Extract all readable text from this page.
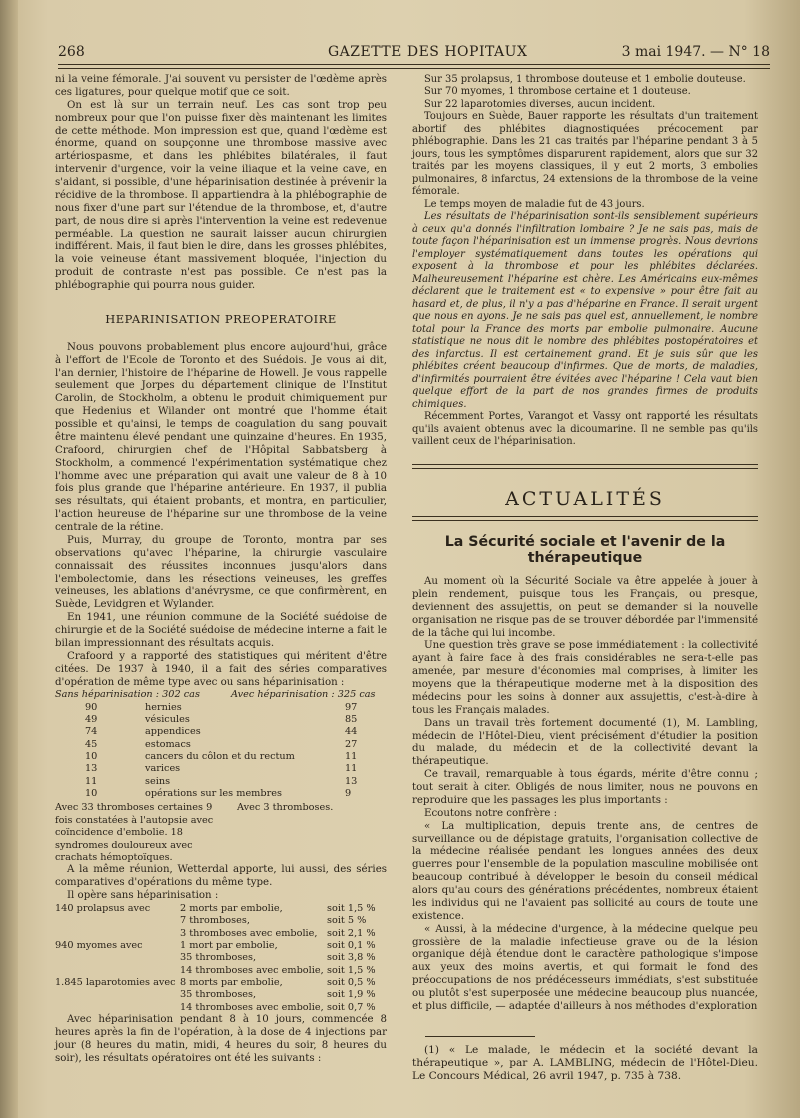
268	GAZETTE DES HOPITAUX	3 mai 1947. — N° 18

ni la veine fémorale. J'ai souvent vu persister de l'œdème après ces ligatures, pour quelque motif que ce soit.

On est là sur un terrain neuf. Les cas sont trop peu nombreux pour que l'on puisse fixer dès maintenant les limites de cette méthode. Mon impression est que, quand l'œdème est énorme, quand on soupçonne une thrombose massive avec artériospasme, et dans les phlébites bilatérales, il faut intervenir d'urgence, voir la veine iliaque et la veine cave, en s'aidant, si possible, d'une héparinisation destinée à prévenir la récidive de la thrombose. Il appartiendra à la phlébographie de nous fixer d'une part sur l'étendue de la thrombose, et, d'autre part, de nous dire si après l'intervention la veine est redevenue perméable. La question ne saurait laisser aucun chirurgien indifférent. Mais, il faut bien le dire, dans les grosses phlébites, la voie veineuse étant massivement bloquée, l'injection du produit de contraste n'est pas possible. Ce n'est pas la phlébographie qui pourra nous guider.

HEPARINISATION PREOPERATOIRE

Nous pouvons probablement plus encore aujourd'hui, grâce à l'effort de l'Ecole de Toronto et des Suédois. Je vous ai dit, l'an dernier, l'histoire de l'héparine de Howell. Je vous rappelle seulement que Jorpes du département clinique de l'Institut Carolin, de Stockholm, a obtenu le produit chimiquement pur que Hedenius et Wilander ont montré que l'homme était possible et qu'ainsi, le temps de coagulation du sang pouvait être maintenu élevé pendant une quinzaine d'heures. En 1935, Crafoord, chirurgien chef de l'Hôpital Sabbatsberg à Stockholm, a commencé l'expérimentation systématique chez l'homme avec une préparation qui avait une valeur de 8 à 10 fois plus grande que l'héparine antérieure. En 1937, il publia ses résultats, qui étaient probants, et montra, en particulier, l'action heureuse de l'héparine sur une thrombose de la veine centrale de la rétine.

Puis, Murray, du groupe de Toronto, montra par ses observations qu'avec l'héparine, la chirurgie vasculaire connaissait des réussites inconnues jusqu'alors dans l'embolectomie, dans les résections veineuses, les greffes veineuses, les ablations d'anévrysme, ce que confirmèrent, en Suède, Levidgren et Wylander.

En 1941, une réunion commune de la Société suédoise de chirurgie et de la Société suédoise de médecine interne a fait le bilan impressionnant des résultats acquis.

Crafoord y a rapporté des statistiques qui méritent d'être citées. De 1937 à 1940, il a fait des séries comparatives d'opération de même type avec ou sans héparinisation :

Sans héparinisation : 302 cas	Avec héparinisation : 325 cas
90	hernies	97
49	vésicules	85
74	appendices	44
45	estomacs	27
10	cancers du côlon et du rectum	11
13	varices	11
11	seins	13
10	opérations sur les membres	9
Avec 33 thromboses certaines 9 fois constatées à l'autopsie avec coïncidence d'embolie. 18 syndromes douloureux avec crachats hémoptoïques.
Avec 3 thromboses.

A la même réunion, Wetterdal apporte, lui aussi, des séries comparatives d'opérations du même type.

Il opère sans héparinisation :

140 prolapsus avec	2 morts par embolie,	soit 1,5 %
7 thromboses,	soit 5 %
3 thromboses avec embolie, soit 2,1 %
940 myomes avec	1 mort par embolie,	soit 0,1 %
35 thromboses,	soit 3,8 %
14 thromboses avec embolie, soit 1,5 %
1.845 laparotomies avec 8 morts par embolie,	soit 0,5 %
35 thromboses,	soit 1,9 %
14 thromboses avec embolie, soit 0,7 %

Avec héparinisation pendant 8 à 10 jours, commencée 8 heures après la fin de l'opération, à la dose de 4 injections par jour (8 heures du matin, midi, 4 heures du soir, 8 heures du soir), les résultats opératoires ont été les suivants :

Sur 35 prolapsus, 1 thrombose douteuse et 1 embolie douteuse.

Sur 70 myomes, 1 thrombose certaine et 1 douteuse.

Sur 22 laparotomies diverses, aucun incident.

Toujours en Suède, Bauer rapporte les résultats d'un traitement abortif des phlébites diagnostiquées précocement par phlébographie. Dans les 21 cas traités par l'héparine pendant 3 à 5 jours, tous les symptômes disparurent rapidement, alors que sur 32 traités par les moyens classiques, il y eut 2 morts, 3 embolies pulmonaires, 8 infarctus, 24 extensions de la thrombose de la veine fémorale.

Le temps moyen de maladie fut de 43 jours.

Les résultats de l'héparinisation sont-ils sensiblement supérieurs à ceux qu'a donnés l'infiltration lombaire ? Je ne sais pas, mais de toute façon l'héparinisation est un immense progrès. Nous devrions l'employer systématiquement dans toutes les opérations qui exposent à la thrombose et pour les phlébites déclarées. Malheureusement l'héparine est chère. Les Américains eux-mêmes déclarent que le traitement est « to expensive » pour être fait au hasard et, de plus, il n'y a pas d'héparine en France. Il serait urgent que nous en ayons. Je ne sais pas quel est, annuellement, le nombre total pour la France des morts par embolie pulmonaire. Aucune statistique ne nous dit le nombre des phlébites postopératoires et des infarctus. Il est certainement grand. Et je suis sûr que les phlébites créent beaucoup d'infirmes. Que de morts, de maladies, d'infirmités pourraient être évitées avec l'héparine ! Cela vaut bien quelque effort de la part de nos grandes firmes de produits chimiques.

Récemment Portes, Varangot et Vassy ont rapporté les résultats qu'ils avaient obtenus avec la dicoumarine. Il ne semble pas qu'ils vaillent ceux de l'héparinisation.

ACTUALITÉS
La Sécurité sociale et l'avenir de la thérapeutique

Au moment où la Sécurité Sociale va être appelée à jouer à plein rendement, puisque tous les Français, ou presque, deviennent des assujettis, on peut se demander si la nouvelle organisation ne risque pas de se trouver débordée par l'immensité de la tâche qui lui incombe.

Une question très grave se pose immédiatement : la collectivité ayant à faire face à des frais considérables ne sera-t-elle pas amenée, par mesure d'économies mal comprises, à limiter les moyens que la thérapeutique moderne met à la disposition des médecins pour les soins à donner aux assujettis, c'est-à-dire à tous les Français malades.

Dans un travail très fortement documenté (1), M. Lambling, médecin de l'Hôtel-Dieu, vient précisément d'étudier la position du malade, du médecin et de la collectivité devant la thérapeutique.

Ce travail, remarquable à tous égards, mérite d'être connu ; tout serait à citer. Obligés de nous limiter, nous ne pouvons en reproduire que les passages les plus importants :

Ecoutons notre confrère :

« La multiplication, depuis trente ans, de centres de surveillance ou de dépistage gratuits, l'organisation collective de la médecine réalisée pendant les longues années des deux guerres pour l'ensemble de la population masculine mobilisée ont beaucoup contribué à développer le besoin du conseil médical alors qu'au cours des générations précédentes, nombreux étaient les individus qui ne l'avaient pas sollicité au cours de toute une existence.

« Aussi, à la médecine d'urgence, à la médecine quelque peu grossière de la maladie infectieuse grave ou de la lésion organique déjà étendue dont le caractère pathologique s'impose aux yeux des moins avertis, et qui formait le fond des préoccupations de nos prédécesseurs immédiats, s'est substituée ou plutôt s'est superposée une médecine beaucoup plus nuancée, et plus difficile, — adaptée d'ailleurs à nos méthodes d'exploration

(1) « Le malade, le médecin et la société devant la thérapeutique », par A. LAMBLING, médecin de l'Hôtel-Dieu. Le Concours Médical, 26 avril 1947, p. 735 à 738.
